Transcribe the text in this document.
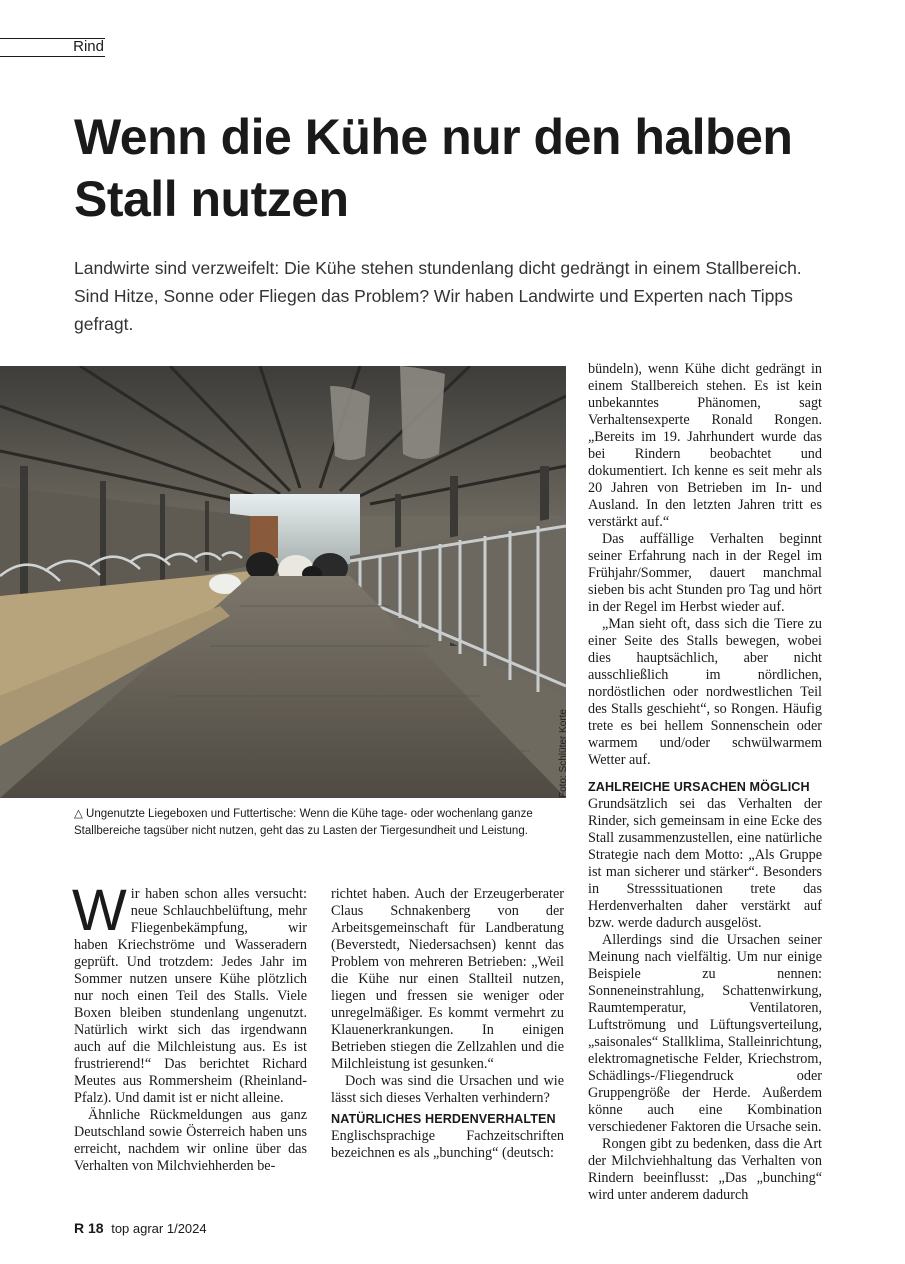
Rind
Wenn die Kühe nur den halben Stall nutzen

Landwirte sind verzweifelt: Die Kühe stehen stundenlang dicht gedrängt in einem Stallbereich. Sind Hitze, Sonne oder Fliegen das Problem? Wir haben Landwirte und Experten nach Tipps gefragt.

Foto: Schlüter Korte

△ Ungenutzte Liegeboxen und Futtertische: Wenn die Kühe tage- oder wochenlang ganze Stallbereiche tagsüber nicht nutzen, geht das zu Lasten der Tiergesundheit und Leistung.

Wir haben schon alles versucht: neue Schlauchbelüftung, mehr Fliegenbekämpfung, wir haben Kriechströme und Wasseradern geprüft. Und trotzdem: Jedes Jahr im Sommer nutzen unsere Kühe plötzlich nur noch einen Teil des Stalls. Viele Boxen bleiben stundenlang ungenutzt. Natürlich wirkt sich das irgendwann auch auf die Milchleistung aus. Es ist frustrierend!“ Das berichtet Richard Meutes aus Rommersheim (Rheinland-Pfalz). Und damit ist er nicht alleine.

Ähnliche Rückmeldungen aus ganz Deutschland sowie Österreich haben uns erreicht, nachdem wir online über das Verhalten von Milchviehherden be-

richtet haben. Auch der Erzeugerberater Claus Schnakenberg von der Arbeitsgemeinschaft für Landberatung (Beverstedt, Niedersachsen) kennt das Problem von mehreren Betrieben: „Weil die Kühe nur einen Stallteil nutzen, liegen und fressen sie weniger oder unregelmäßiger. Es kommt vermehrt zu Klauenerkrankungen. In einigen Betrieben stiegen die Zellzahlen und die Milchleistung ist gesunken.“

Doch was sind die Ursachen und wie lässt sich dieses Verhalten verhindern?

NATÜRLICHES HERDENVERHALTEN

Englischsprachige Fachzeitschriften bezeichnen es als „bunching“ (deutsch:

bündeln), wenn Kühe dicht gedrängt in einem Stallbereich stehen. Es ist kein unbekanntes Phänomen, sagt Verhaltensexperte Ronald Rongen. „Bereits im 19. Jahrhundert wurde das bei Rindern beobachtet und dokumentiert. Ich kenne es seit mehr als 20 Jahren von Betrieben im In- und Ausland. In den letzten Jahren tritt es verstärkt auf.“

Das auffällige Verhalten beginnt seiner Erfahrung nach in der Regel im Frühjahr/Sommer, dauert manchmal sieben bis acht Stunden pro Tag und hört in der Regel im Herbst wieder auf.

„Man sieht oft, dass sich die Tiere zu einer Seite des Stalls bewegen, wobei dies hauptsächlich, aber nicht ausschließlich im nördlichen, nordöstlichen oder nordwestlichen Teil des Stalls geschieht“, so Rongen. Häufig trete es bei hellem Sonnenschein oder warmem und/oder schwülwarmem Wetter auf.

ZAHLREICHE URSACHEN MÖGLICH

Grundsätzlich sei das Verhalten der Rinder, sich gemeinsam in eine Ecke des Stall zusammenzustellen, eine natürliche Strategie nach dem Motto: „Als Gruppe ist man sicherer und stärker“. Besonders in Stresssituationen trete das Herdenverhalten daher verstärkt auf bzw. werde dadurch ausgelöst.

Allerdings sind die Ursachen seiner Meinung nach vielfältig. Um nur einige Beispiele zu nennen: Sonneneinstrahlung, Schattenwirkung, Raumtemperatur, Ventilatoren, Luftströmung und Lüftungsverteilung, „saisonales“ Stallklima, Stalleinrichtung, elektromagnetische Felder, Kriechstrom, Schädlings-/Fliegendruck oder Gruppengröße der Herde. Außerdem könne auch eine Kombination verschiedener Faktoren die Ursache sein.

Rongen gibt zu bedenken, dass die Art der Milchviehhaltung das Verhalten von Rindern beeinflusst: „Das „bunching“ wird unter anderem dadurch

R 18 top agrar 1/2024
